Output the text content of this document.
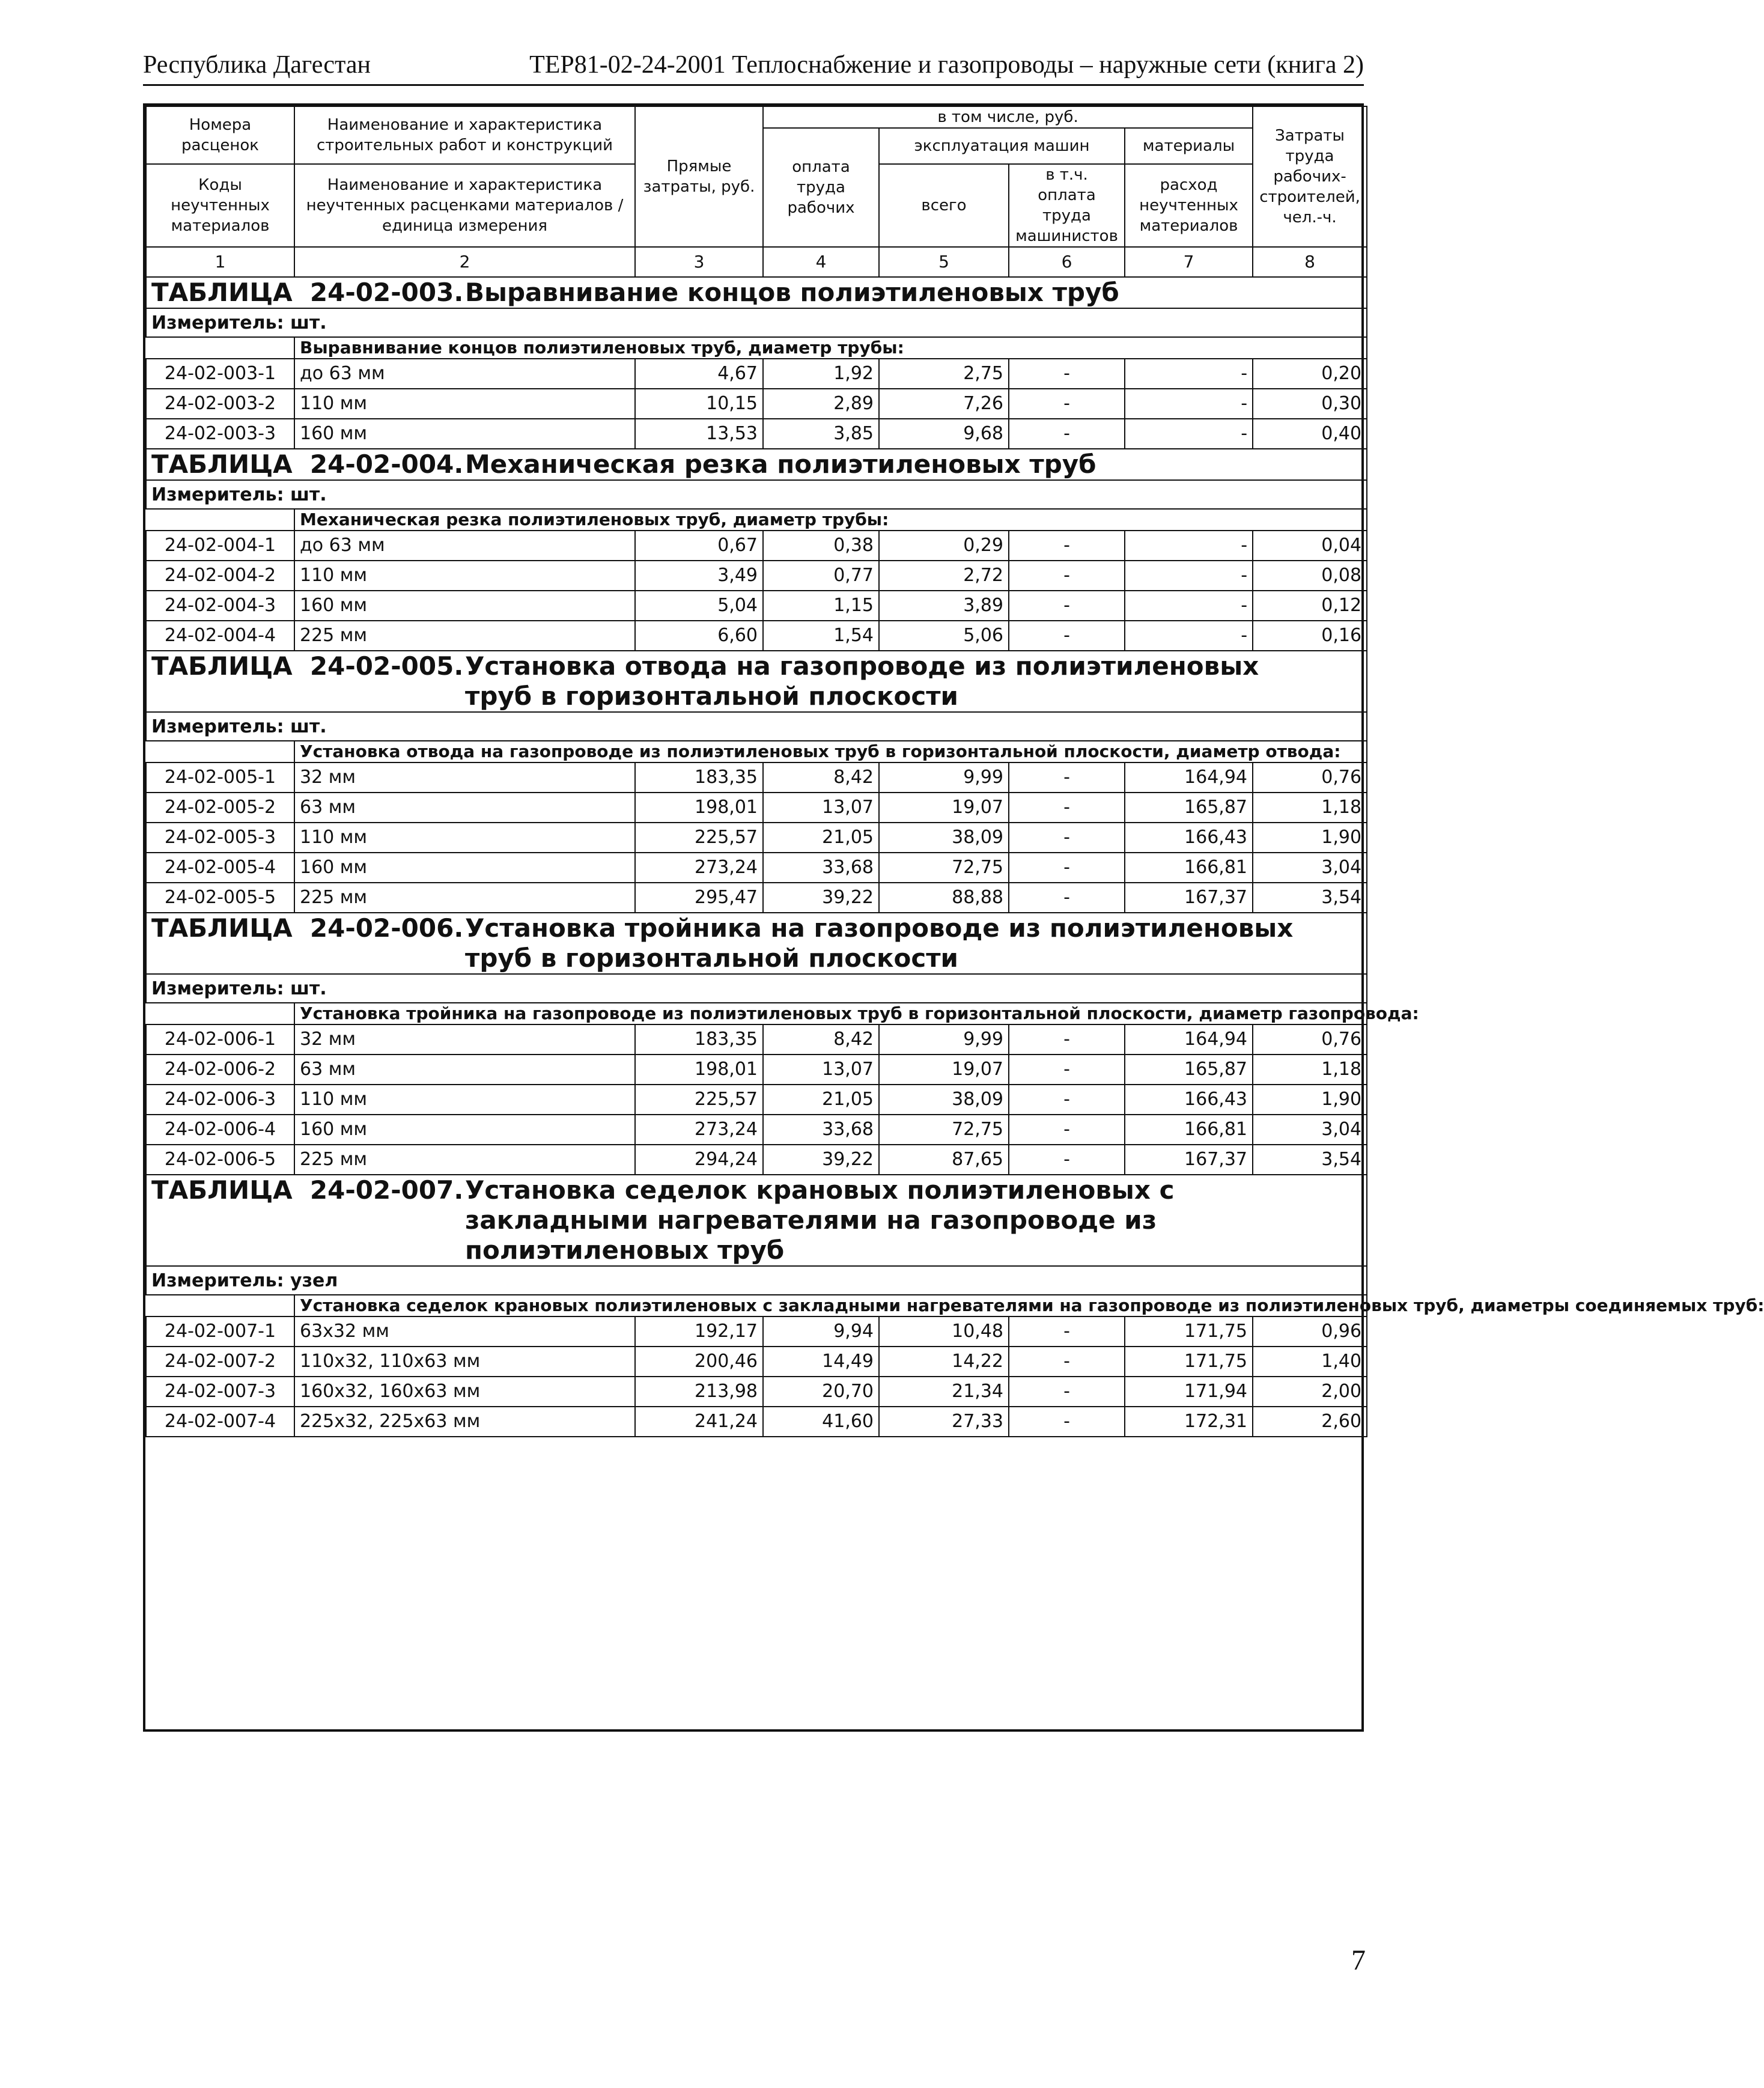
Республика Дагестан	ТЕР81-02-24-2001 Теплоснабжение и газопроводы – наружные сети (книга 2)
Номера расценок	Наименование и характеристика строительных работ и конструкций	Прямые затраты, руб.	в том числе, руб.				Затраты труда рабочих-строителей, чел.-ч.
			оплата труда рабочих	эксплуатация машин		материалы	
Коды неучтенных материалов	Наименование и характеристика неучтенных расценками материалов / единица измерения			всего	в т.ч. оплата труда машинистов	расход неучтенных материалов	

1	2	3	4	5	6	7	8
ТАБЛИЦА 24-02-003.Выравнивание концов полиэтиленовых труб							
Измеритель: шт.							
	Выравнивание концов полиэтиленовых труб, диаметр трубы:						
24-02-003-1	до 63 мм	4,67	1,92	2,75	-	-	0,20
24-02-003-2	110 мм	10,15	2,89	7,26	-	-	0,30
24-02-003-3	160 мм	13,53	3,85	9,68	-	-	0,40
ТАБЛИЦА 24-02-004.Механическая резка полиэтиленовых труб							
Измеритель: шт.							
	Механическая резка полиэтиленовых труб, диаметр трубы:						
24-02-004-1	до 63 мм	0,67	0,38	0,29	-	-	0,04
24-02-004-2	110 мм	3,49	0,77	2,72	-	-	0,08
24-02-004-3	160 мм	5,04	1,15	3,89	-	-	0,12
24-02-004-4	225 мм	6,60	1,54	5,06	-	-	0,16
ТАБЛИЦА 24-02-005.Установка отвода на газопроводе из полиэтиленовых труб в горизонтальной плоскости							
Измеритель: шт.							
	Установка отвода на газопроводе из полиэтиленовых труб в горизонтальной плоскости, диаметр отвода:						
24-02-005-1	32 мм	183,35	8,42	9,99	-	164,94	0,76
24-02-005-2	63 мм	198,01	13,07	19,07	-	165,87	1,18
24-02-005-3	110 мм	225,57	21,05	38,09	-	166,43	1,90
24-02-005-4	160 мм	273,24	33,68	72,75	-	166,81	3,04
24-02-005-5	225 мм	295,47	39,22	88,88	-	167,37	3,54
ТАБЛИЦА 24-02-006.Установка тройника на газопроводе из полиэтиленовых труб в горизонтальной плоскости							
Измеритель: шт.							
	Установка тройника на газопроводе из полиэтиленовых труб в горизонтальной плоскости, диаметр газопровода:						
24-02-006-1	32 мм	183,35	8,42	9,99	-	164,94	0,76
24-02-006-2	63 мм	198,01	13,07	19,07	-	165,87	1,18
24-02-006-3	110 мм	225,57	21,05	38,09	-	166,43	1,90
24-02-006-4	160 мм	273,24	33,68	72,75	-	166,81	3,04
24-02-006-5	225 мм	294,24	39,22	87,65	-	167,37	3,54
ТАБЛИЦА 24-02-007.Установка седелок крановых полиэтиленовых с закладными нагревателями на газопроводе из полиэтиленовых труб							
Измеритель: узел							
	Установка седелок крановых полиэтиленовых с закладными нагревателями на газопроводе из полиэтиленовых труб, диаметры соединяемых труб:						
24-02-007-1	63х32 мм	192,17	9,94	10,48	-	171,75	0,96
24-02-007-2	110х32, 110х63 мм	200,46	14,49	14,22	-	171,75	1,40
24-02-007-3	160х32, 160х63 мм	213,98	20,70	21,34	-	171,94	2,00
24-02-007-4	225х32, 225х63 мм	241,24	41,60	27,33	-	172,31	2,60
7
